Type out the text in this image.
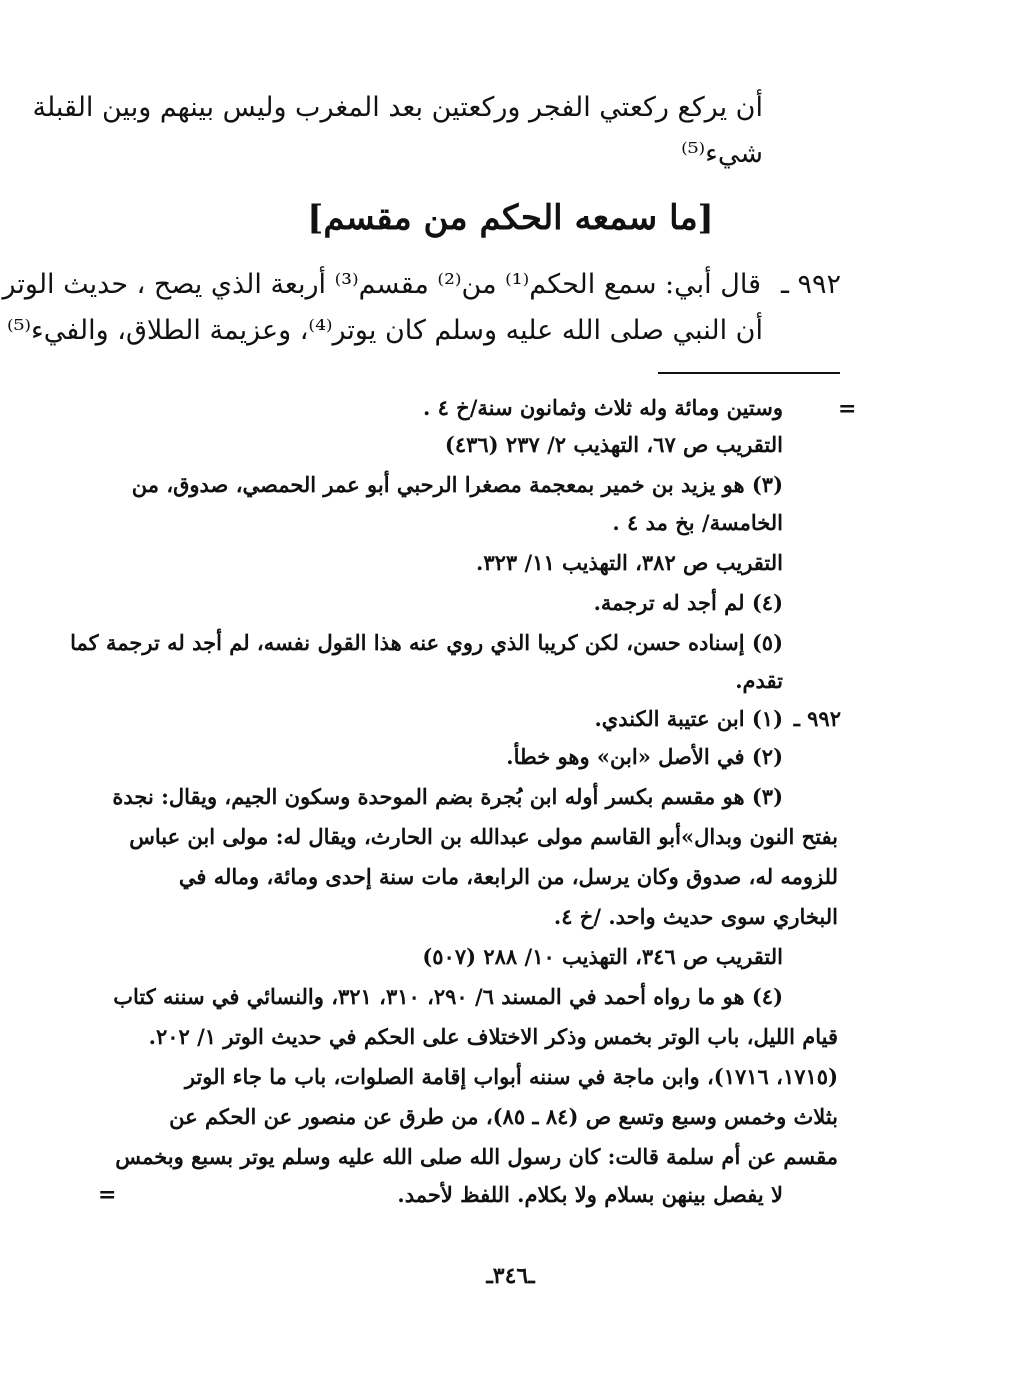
أن يركع ركعتي الفجر وركعتين بعد المغرب وليس بينهم وبين القبلة
شيء⁽⁵⁾
[ما سمعه الحكم من مقسم]
٩٩٢ ـ
قال أبي: سمع الحكم⁽¹⁾ من⁽²⁾ مقسم⁽³⁾ أربعة الذي يصح ، حديث الوتر
أن النبي صلى الله عليه وسلم كان يوتر⁽⁴⁾، وعزيمة الطلاق، والفيء⁽⁵⁾
=
وستين ومائة وله ثلاث وثمانون سنة/خ ٤ .
التقريب ص ٦٧، التهذيب ٢/ ٢٣٧ (٤٣٦)
(٣) هو يزيد بن خمير بمعجمة مصغرا الرحبي أبو عمر الحمصي، صدوق، من
الخامسة/ بخ مد ٤ .
التقريب ص ٣٨٢، التهذيب ١١/ ٣٢٣.
(٤) لم أجد له ترجمة.
(٥) إسناده حسن، لكن كريبا الذي روي عنه هذا القول نفسه، لم أجد له ترجمة كما
تقدم.
٩٩٢ ـ
(١) ابن عتيبة الكندي.
(٢) في الأصل «ابن» وهو خطأ.
(٣) هو مقسم بكسر أوله ابن بُجرة بضم الموحدة وسكون الجيم، ويقال: نجدة
بفتح النون وبدال»أبو القاسم مولى عبدالله بن الحارث، ويقال له: مولى ابن عباس
للزومه له، صدوق وكان يرسل، من الرابعة، مات سنة إحدى ومائة، وماله في
البخاري سوى حديث واحد. /خ ٤.
التقريب ص ٣٤٦، التهذيب ١٠/ ٢٨٨ (٥٠٧)
(٤) هو ما رواه أحمد في المسند ٦/ ٢٩٠، ٣١٠، ٣٢١، والنسائي في سننه كتاب
قيام الليل، باب الوتر بخمس وذكر الاختلاف على الحكم في حديث الوتر ١/ ٢٠٢.
(١٧١٥، ١٧١٦)، وابن ماجة في سننه أبواب إقامة الصلوات، باب ما جاء الوتر
بثلاث وخمس وسبع وتسع ص (٨٤ ـ ٨٥)، من طرق عن منصور عن الحكم عن
مقسم عن أم سلمة قالت: كان رسول الله صلى الله عليه وسلم يوتر بسبع وبخمس
لا يفصل بينهن بسلام ولا بكلام. اللفظ لأحمد.
=
ـ٣٤٦ـ
